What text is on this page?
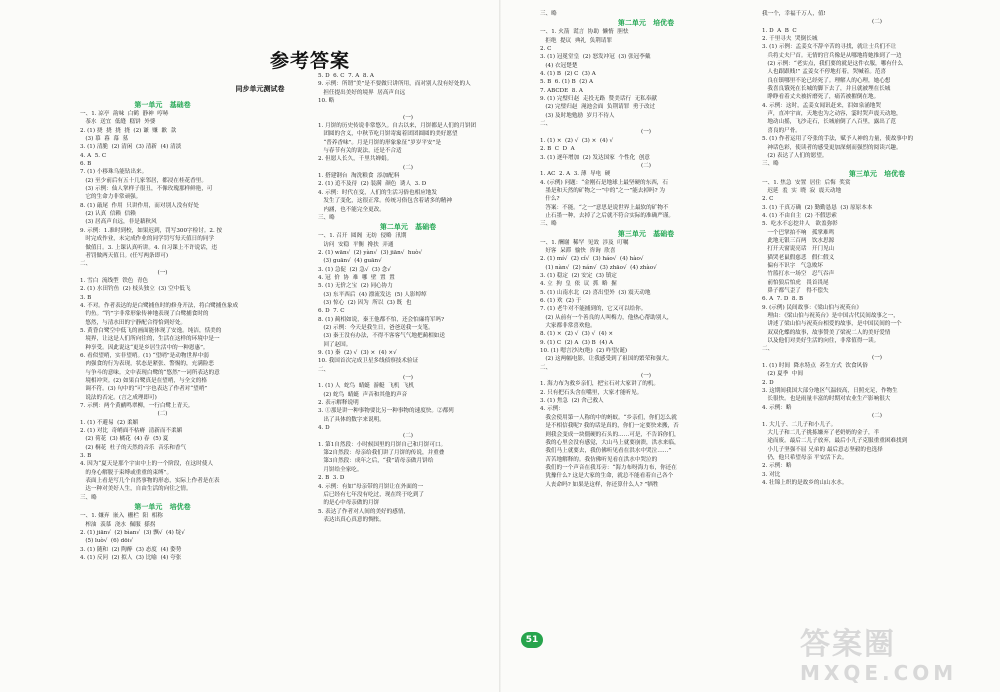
参考答案
同步单元测试卷
第一单元   基础卷
一、1. 凉亭  韵味  白鹤  静神  哼哧
茶水  送宜  低缝  糕饼  外婆
2. (1) 挠  挠  挠  挠  (2) 谦  赚  歉  款
(3) 慕  暮  幕  墓
3. (1) 清脆  (2) 清闲  (3) 清新  (4) 清淡
4. A  5. C
6. B
7. (1) 小移珠乌能钻出来。
(2) 至少前后有五十几家邻居，都浸在桂花香里。
(3) 示例：仙人掌样子很丑，不像玫瑰那样鲜艳，可
它的生命力非常顽强。
8. (1) 敲尾  作用  只讲作用，而对别人没有好处
(2) 认真  信赖  信赖
(3) 居高声自远，非是藉秋风
9. 示例：1.准时到校，如果迟到，罚写300字检讨。2. 按
时完成作业，未完成作业的同学罚写每天值日的同学
做值日。3. 上课认真听讲。4. 自习课上不许说话，违
者罚做两天值日。(任写两条即可)
二、
(一)
1. 雪白  流线型  铁色  青色
2. (1) 水田钓鱼  (2) 枝头独立  (3) 空中低飞
3. B
4. 不对。作者表达的是白鹭捕鱼时的修身开法，将白鹭捕鱼象成
钓鱼。“钓”字非常形象传神地表现了白鹭捕食时的
悠然，与清水田的宁静配合得恰到好处。
5. 黄昏白鹭空中低飞的画面能体现了安逸。纯洁，恬美的
境界，让这是人们所向往的，生活在这样的环境中是一
种享受。因此说这“更是乡居生活中的一种恩惠”。
6. 看似望哨，实非望哨。(1) “望哨”是动物世界中弱
肉强食的行为表现，状态是紧张、警惕的，充满险恶
与争斗的意味。文中表现白鹭的“悠然”一词所表达的意
境相冲突。(2) 如果白鹭真是在望哨，与全文的格
调不符。(3) 句中的“可”字也表达了作者对“望哨”
说法的否定。(言之成理即可)
7. 示例：两个黄鹂鸣翠柳，一行白鹭上青天。
(二)
1. (1) 不避易  (2) 柔媚
2. (1) 对比  奇峭面不枯瘠  清新而不柔媚
(2) 荷花  (3) 橘花  (4) 春  (5) 夏
(2) 桐花  杜子的天然的音乐  音乐和香气
3. B
4. 因为“夏天是那个宇宙中上的一个阶段，在这时使人
的身心解脱于束缚或重重的束缚”。
表面上看是写几个自然事物的形态，实际上作者是在表
达一种对美好人生，自由生活的向往之情。
三、略
第一单元   培优卷
一、1. 嫌弃  嵌入  栅栏  阳  相称
榨油  羡慕  浇水  佩服  搽拐
2. (1) jiān√  (2) bìan√  (3) 飘√  (4) 绽√
(5) luò√  (6) dōi√
3. (1) 随和  (2) 陶醉  (3) 态度  (4) 姿势
4. (1) 反问  (2) 拟人  (3) 比喻  (4) 夸张
5. D  6. C  7. A  8. A
9. 示例：所谓“美”是不要做只讲所用，而对别人没有好处的人
担任提出美好的境界  居高声自远
10. 略
(一)
1. 月饼的历史传说非常悠久。自古以来，月饼都是人们的月饼团
团圆的含义，中秋节吃月饼寄寓着团团圆圆的美好愿望
“普养香味”。月是月饼的形象象征“岁岁平安”是
与春节有关的说法，还是不合适
2. 但愿人长久，千里共婵娟。
(二)
1. 搭建钢台  淘洗粮食  添加配料
2. (1) 追不及待  (2) 装满  颜色  诱人  3. D
4. 示例：时代在变，人们的生活习俗也相应地发
发生了变化，这很正常。传统习俗包含着诸多的精神
内涵，也不能完全更改。
三、略
第二单元   基础卷
一、1. 召开  圆阁  无纺  侵略  汛期
访问  安稳  平衡  搀扶  弄通
2. (1) wān√  (2) yàn√  (3) jiān√  huò√
(3) guān√  (4) guān√
3. (1) 急促  (2) 急√  (3) 念√
4. 冠  价  协  难  哪  壁  置  置
5. (1) 无价之宝  (2) 同心协力
(3) 东平西后  (4) 漂流发达  (5) 人影绰绰
(3) 惊心  (2) 因为  所以  (3) 既  也
6. D  7. C
8. (1) 蔺相如说，秦王他都不怕，还会怕廉将军吗?
(2) 示例：今天是我生日，爸爸送我一支笔。
(3) 秦王没有办法，不得不客客气气地把蔺相如送
回了赵国。
9. (1) 秦  (2) √  (3) ×  (4) ×√
10. 我国首次完成卫星多线侦察技术验证
二、
(一)
1. (1) 人  蛇鸟  蜻蜓  游艇  飞机  飞机
(2) 蛇鸟  蜻蜓  声音和其他的声音
2. 表示解释说明
3. ①那是讲一种事物要比另一种事物的速度快。②都列
出了具体的数字来说明。
4. D
(二)
1. 第1自然段：小时候国里的月饼自己和月饼可口。
第2自然段：母亲给我们讲了月饼的传说，并重叠
第3自然段：成年之后，“我”请母亲做月饼给
月饼给全家吃。
2. B  3. D
4. 示例：有如“母亲带的月饼让在外面的一
后已经有七年没有吃过，现在终于吃到了
的是心中母亲做的月饼
5. 表达了作者对人间的美好的感情，
表达出真心真意的惆怅。
三、略
第二单元   培优卷
一、1. 火箭  谎言  协助  懒惰  胆怯
拒绝  提议  典礼  负荆请罪
2. C
3. (1) 冠冕堂皇  (2) 怒发冲冠  (3) 张冠李戴
(4) 衣冠楚楚
4. (1) B  (2) C  (3) A
5. B  6. (1) B  (2) A
7. ABCDE  8. A
9. (1) 完璧归赵  走投无路  赞美话行  无私奉献
(2) 完璧归赵  渑池会面  负荆请罪  勇于改过
(3) 及时地勉励  岁月不待人
二、
(一)
1. (1) ×  (2) √  (3) ×  (4) √
2. B  C  D  A
3. (1) 逐年增加  (2) 发达国家  个性化  创意
(二)
1. AC  2. A  3. 薄  导电  硬
4. (示例) 问题：“金刚石是地球上最坚硬的东西，石
墨是和天然的矿物之一”中的“之一”能去掉吗? 为
什么?
答案：不能。“之一”意思是说世界上最软的矿物不
止石墨一种，去掉了之后就不符合实际的准确严谨。
三、略
第三单元   基础卷
一、1. 酬谢  稀罕  见效  涉及  叮嘱
好客  呆滞  愉快  咨询  欣喜
2. (1) mí√  (2) cǐ√  (3) háo√  (4) hào√
(1) nàn√  (2) nán√  (3) zhāo√  (4) zhào√
3. (1) 稳定  (2) 安定  (3) 镇定
4. 立  拘  皇  依  议  抓  略  握
5. (1) 山南水北  (2) 喜出望外  (3) 震天动地
6. (1) 欢  (2) 于
7. (1) 老牛对不能捕到的，它又可以给你。
(2) 从前有一个善良的人叫梅力，他热心帮助别人，
大家都非常喜欢他。
8. (1) ×  (2) √  (3) √  (4) ×
9. (1) C  (2) A  (3) B  (4) A
10. (1) 嗯言沙决(绝)  (2) 咋望(诞)
(2) 这两幅电影，让我感受到了祖国的繁荣和强大。
二、
(一)
1. 海力布为救乡亲们，把宝石对大家讲了的机。
2. 只有把石头含在嘴里，大家才能听见。
3. (1) 焦急  (2) 舍己救人
4. 示例：
我会使用第一人称的中的蚂蚁。“乡亲们，你们怎么就
是不相信我呢? 我的话是真的，你们一定要快来搬，否
则我会变成一块僵硬的石头的……可是，不告诉你们，
我的心里会没有感觉，大山马上就要崩溃，洪水来临，
我们马上就要去，我仿佛听见看在洪水中哭泣……”
苦苦地解释的。我仿佛听见看在洪水中哭泣的
我们的一个声音在我耳旁：“海力布呀海力布，你还在
犹豫什么? 这是大家的生命，就总不能看着自己各个
人丧命吗? 如果是这样，你还算什么人? ”牺牲
我一个，幸福千万人，值!
(二)
1. D  A  B  C
2. 千里寻夫  哭倒长城
3. (1) 示例：孟姜女不辞辛苦的寻找，就让士兵们不让
兵将丈夫尸首。无情的官兵像是从哪地将她推到了一边
(2) 示例：“老实点，我们要的就是这件衣服，哪有什么
人也跟跟贱!” 孟姜女不停地打着，哭喊着。范喜
良在镇哪里不论已经死了。理解人的心理，她心想
我喜良饿死在长城的脚下去了，并且就被埋在长城
睁睁看着丈夫被折磨死了，痛苦被摧倒在地。
4. 示例：这时，孟姜女闻讯赶来，泪如泉涌地哭
声，直冲宇宙，天地也为之动容，霎时哭声震天动地，
地动山摇，飞沙走石，长城崩倒了八百里，露出了范
喜良的尸骨。
5. (1) 作者运用了夸张的手法，赋予人神的力量，使故事中的
神话色彩，使读者的感受更加深刻而强烈的阅读兴趣。
(2) 表达了人们的愿望。
三、略
第三单元   培优卷
一、1. 焦急  安置  居住  后悔  奖赏
迟延  羞  实  晓  寂  震天动地
2. C
3. (1) 千真万确  (2) 勤勤恳恳  (3) 原原本本
4. (1) 不由自主  (2) 不假思索
5.  吃水不忘挖井人   欲盖弥彰
一个巴掌拍不响   孤掌难鸣
此地无银三百两   饮水思源
打开天窗说亮话   开门见山
猫哭老鼠假慈悲   假仁假义
偏有不识字   气急败坏
竹篮打水一场空   忍气吞声
前怕狼后怕虎   畏首畏尾
鼻子都气歪了   得不偿失
6. A  7. D  8. B
9. (示例) 民间故事：《梁山伯与祝英台》
理由：《梁山伯与祝英台》是中国古代民间故事之一，
讲述了梁山伯与祝英台相爱的故事，是中国民间的一个
双双化蝶的故事，故事赞美了梁祝二人的美好爱情
以及他们对美好生活的向往，非常值得一读。
二、
(一)
1. (1) 时间  降水特点  养生方式  饮食风俗
(2) 夏季  中间
2. D
3. 这期间我国大部分地区气温较高，日照充足，作物生
长很快。也是雨量丰富的时期对农业生产影响很大
4. 示例：略
(二)
1. 大儿子、二儿子和小儿子。
大儿子和二儿子挑拣嫌弃了老奶奶的金子，半
途而废。最后二儿子放弃，最后小儿子克服重重困难找到
小儿子坚强不屈 兄弟的 最后意志坚毅的也选择
仍，他只希望母亲 平安活下去。
2. 示例：略
3. 对比
4. 壮锦上织的是故乡的山山水水。
51	答案圈
MXQE.COM
